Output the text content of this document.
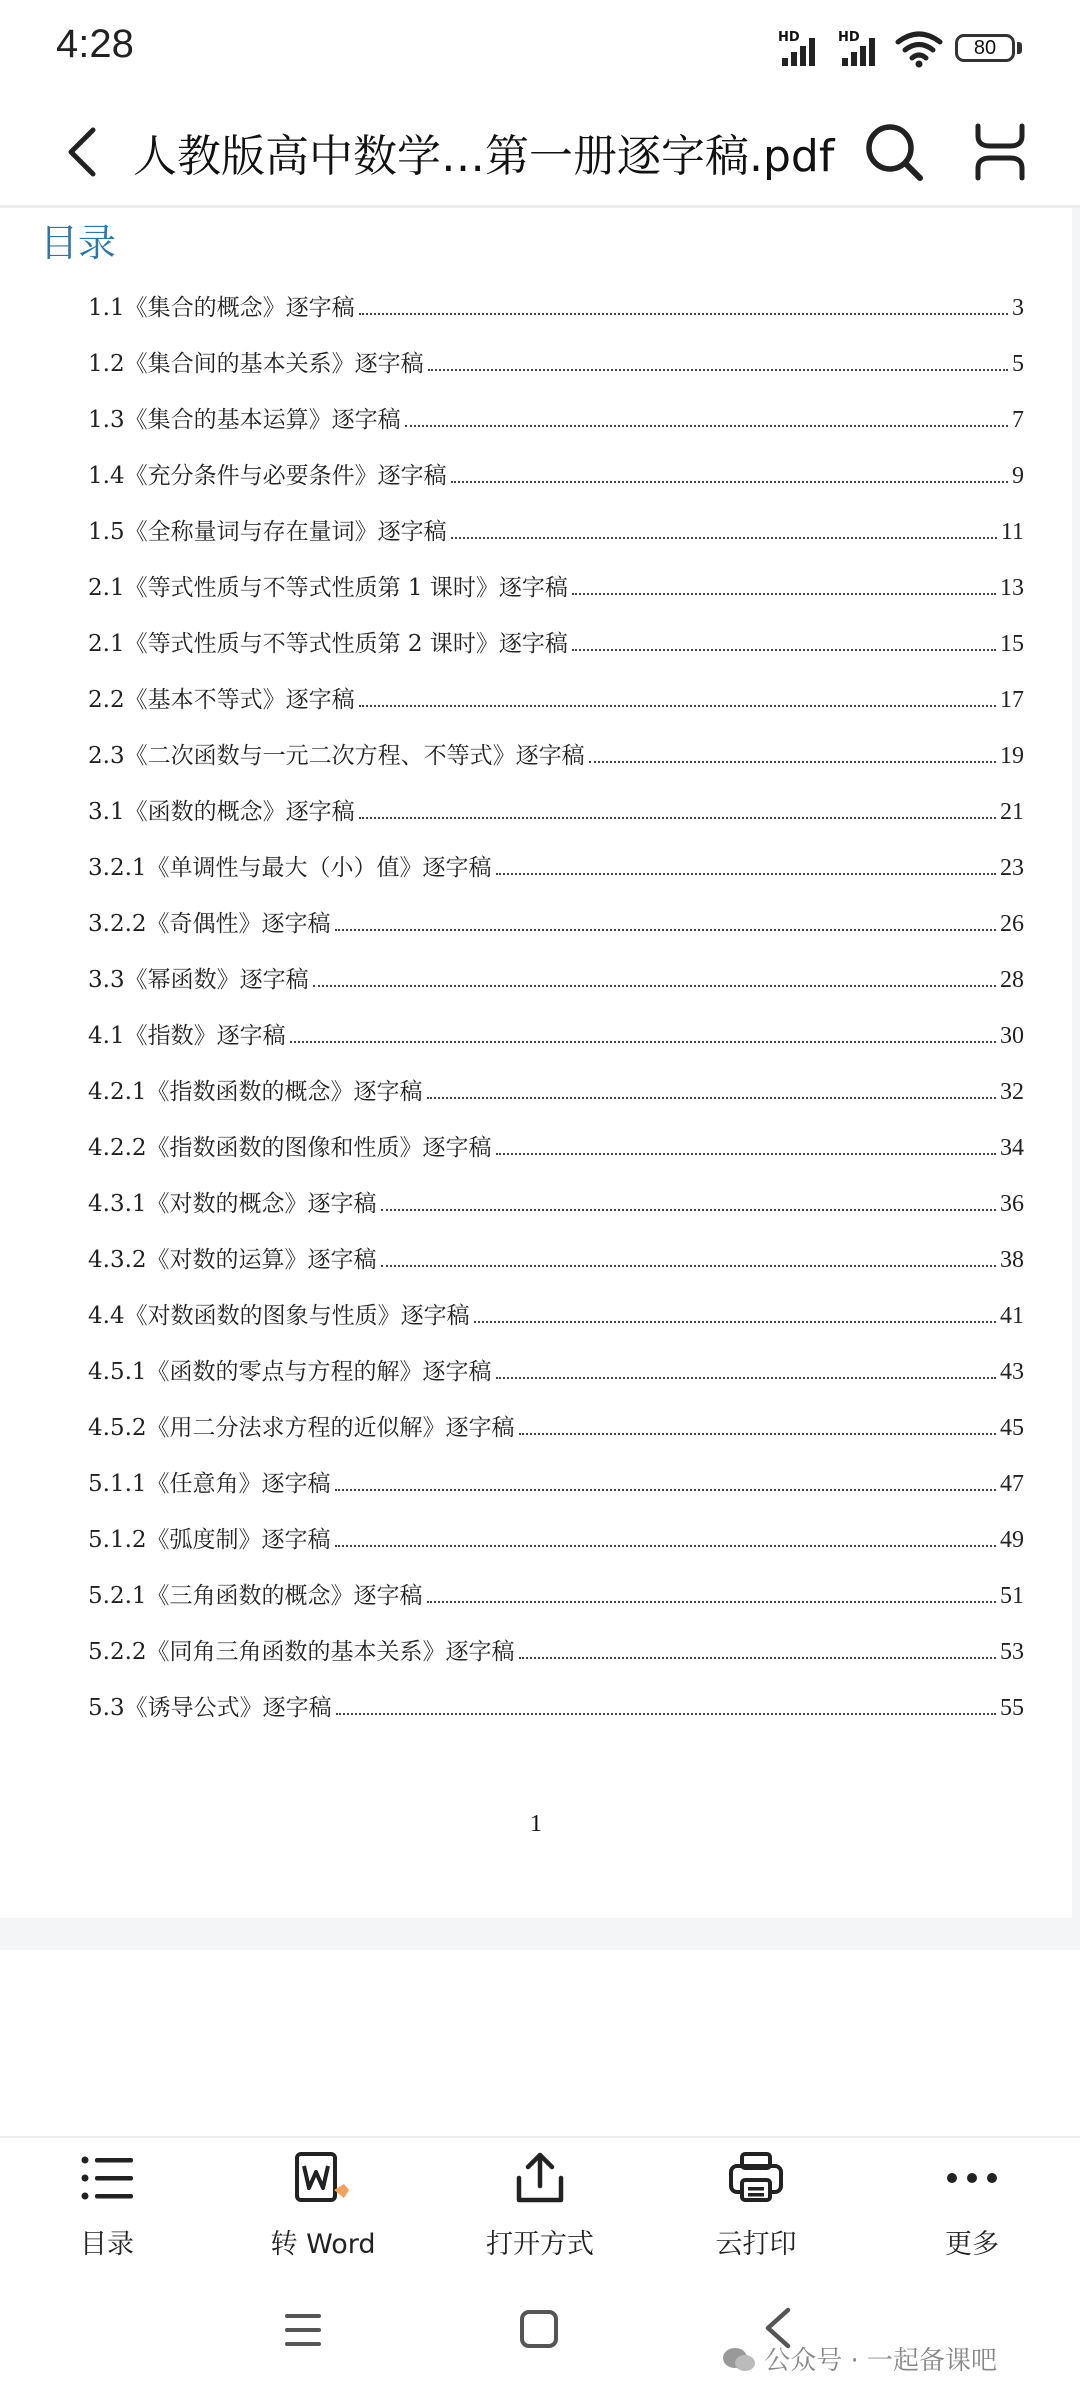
4:28	HD	HD	80
人教版高中数学…第一册逐字稿.pdf
目录
1.1《集合的概念》逐字稿	3
1.2《集合间的基本关系》逐字稿	5
1.3《集合的基本运算》逐字稿	7
1.4《充分条件与必要条件》逐字稿	9
1.5《全称量词与存在量词》逐字稿	11
2.1《等式性质与不等式性质第 1 课时》逐字稿	13
2.1《等式性质与不等式性质第 2 课时》逐字稿	15
2.2《基本不等式》逐字稿	17
2.3《二次函数与一元二次方程、不等式》逐字稿	19
3.1《函数的概念》逐字稿	21
3.2.1《单调性与最大（小）值》逐字稿	23
3.2.2《奇偶性》逐字稿	26
3.3《幂函数》逐字稿	28
4.1《指数》逐字稿	30
4.2.1《指数函数的概念》逐字稿	32
4.2.2《指数函数的图像和性质》逐字稿	34
4.3.1《对数的概念》逐字稿	36
4.3.2《对数的运算》逐字稿	38
4.4《对数函数的图象与性质》逐字稿	41
4.5.1《函数的零点与方程的解》逐字稿	43
4.5.2《用二分法求方程的近似解》逐字稿	45
5.1.1《任意角》逐字稿	47
5.1.2《弧度制》逐字稿	49
5.2.1《三角函数的概念》逐字稿	51
5.2.2《同角三角函数的基本关系》逐字稿	53
5.3《诱导公式》逐字稿	55
1
目录	转 Word	打开方式	云打印	更多
公众号 · 一起备课吧
